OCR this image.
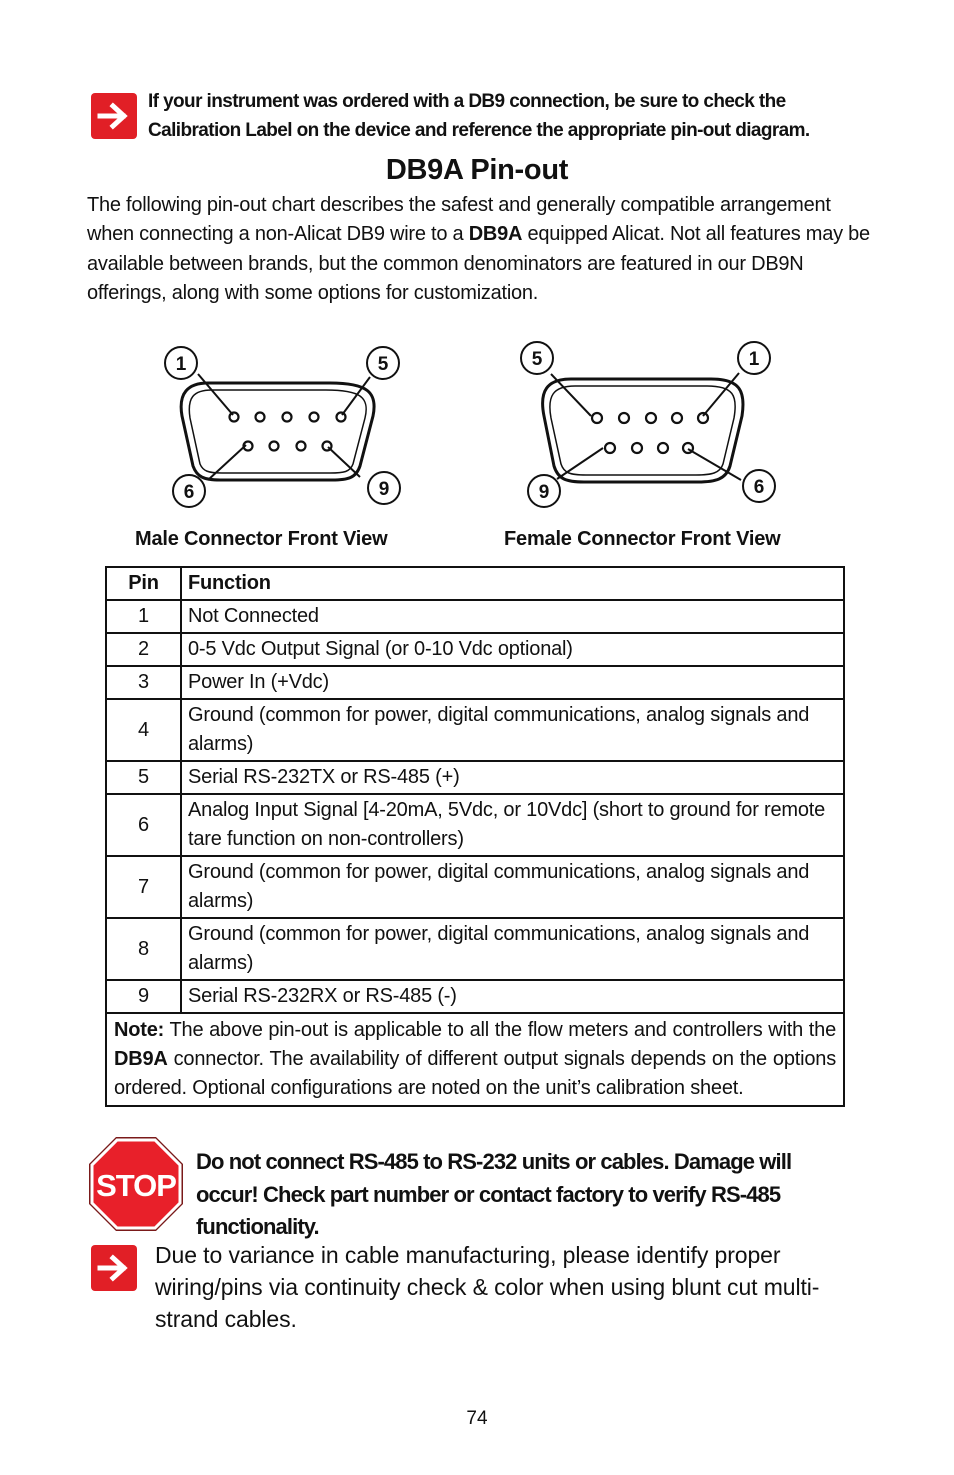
If your instrument was ordered with a DB9 connection, be sure to check the
Calibration Label on the device and reference the appropriate pin-out diagram.
DB9A Pin-out
The following pin-out chart describes the safest and generally compatible arrangement when connecting a non-Alicat DB9 wire to a DB9A equipped Alicat. Not all features may be available between brands, but the common denominators are featured in our DB9N offerings, along with some options for customization.
1	5
6	9
5	1
9	6
Male Connector Front View	Female Connector Front View
Pin	Function
1	Not Connected
2	0-5 Vdc Output Signal (or 0-10 Vdc optional)
3	Power In (+Vdc)
4	Ground (common for power, digital communications, analog signals and alarms)
5	Serial RS-232TX or RS-485 (+)
6	Analog Input Signal [4-20mA, 5Vdc, or 10Vdc] (short to ground for remote tare function on non-controllers)
7	Ground (common for power, digital communications, analog signals and alarms)
8	Ground (common for power, digital communications, analog signals and alarms)
9	Serial RS-232RX or RS-485 (-)
Note: The above pin-out is applicable to all the flow meters and controllers with the DB9A connector. The availability of different output signals depends on the options ordered. Optional configurations are noted on the unit’s calibration sheet.	
STOP
Do not connect RS-485 to RS-232 units or cables. Damage will occur! Check part number or contact factory to verify RS-485 functionality.
Due to variance in cable manufacturing, please identify proper wiring/pins via continuity check & color when using blunt cut multi-strand cables.
74
